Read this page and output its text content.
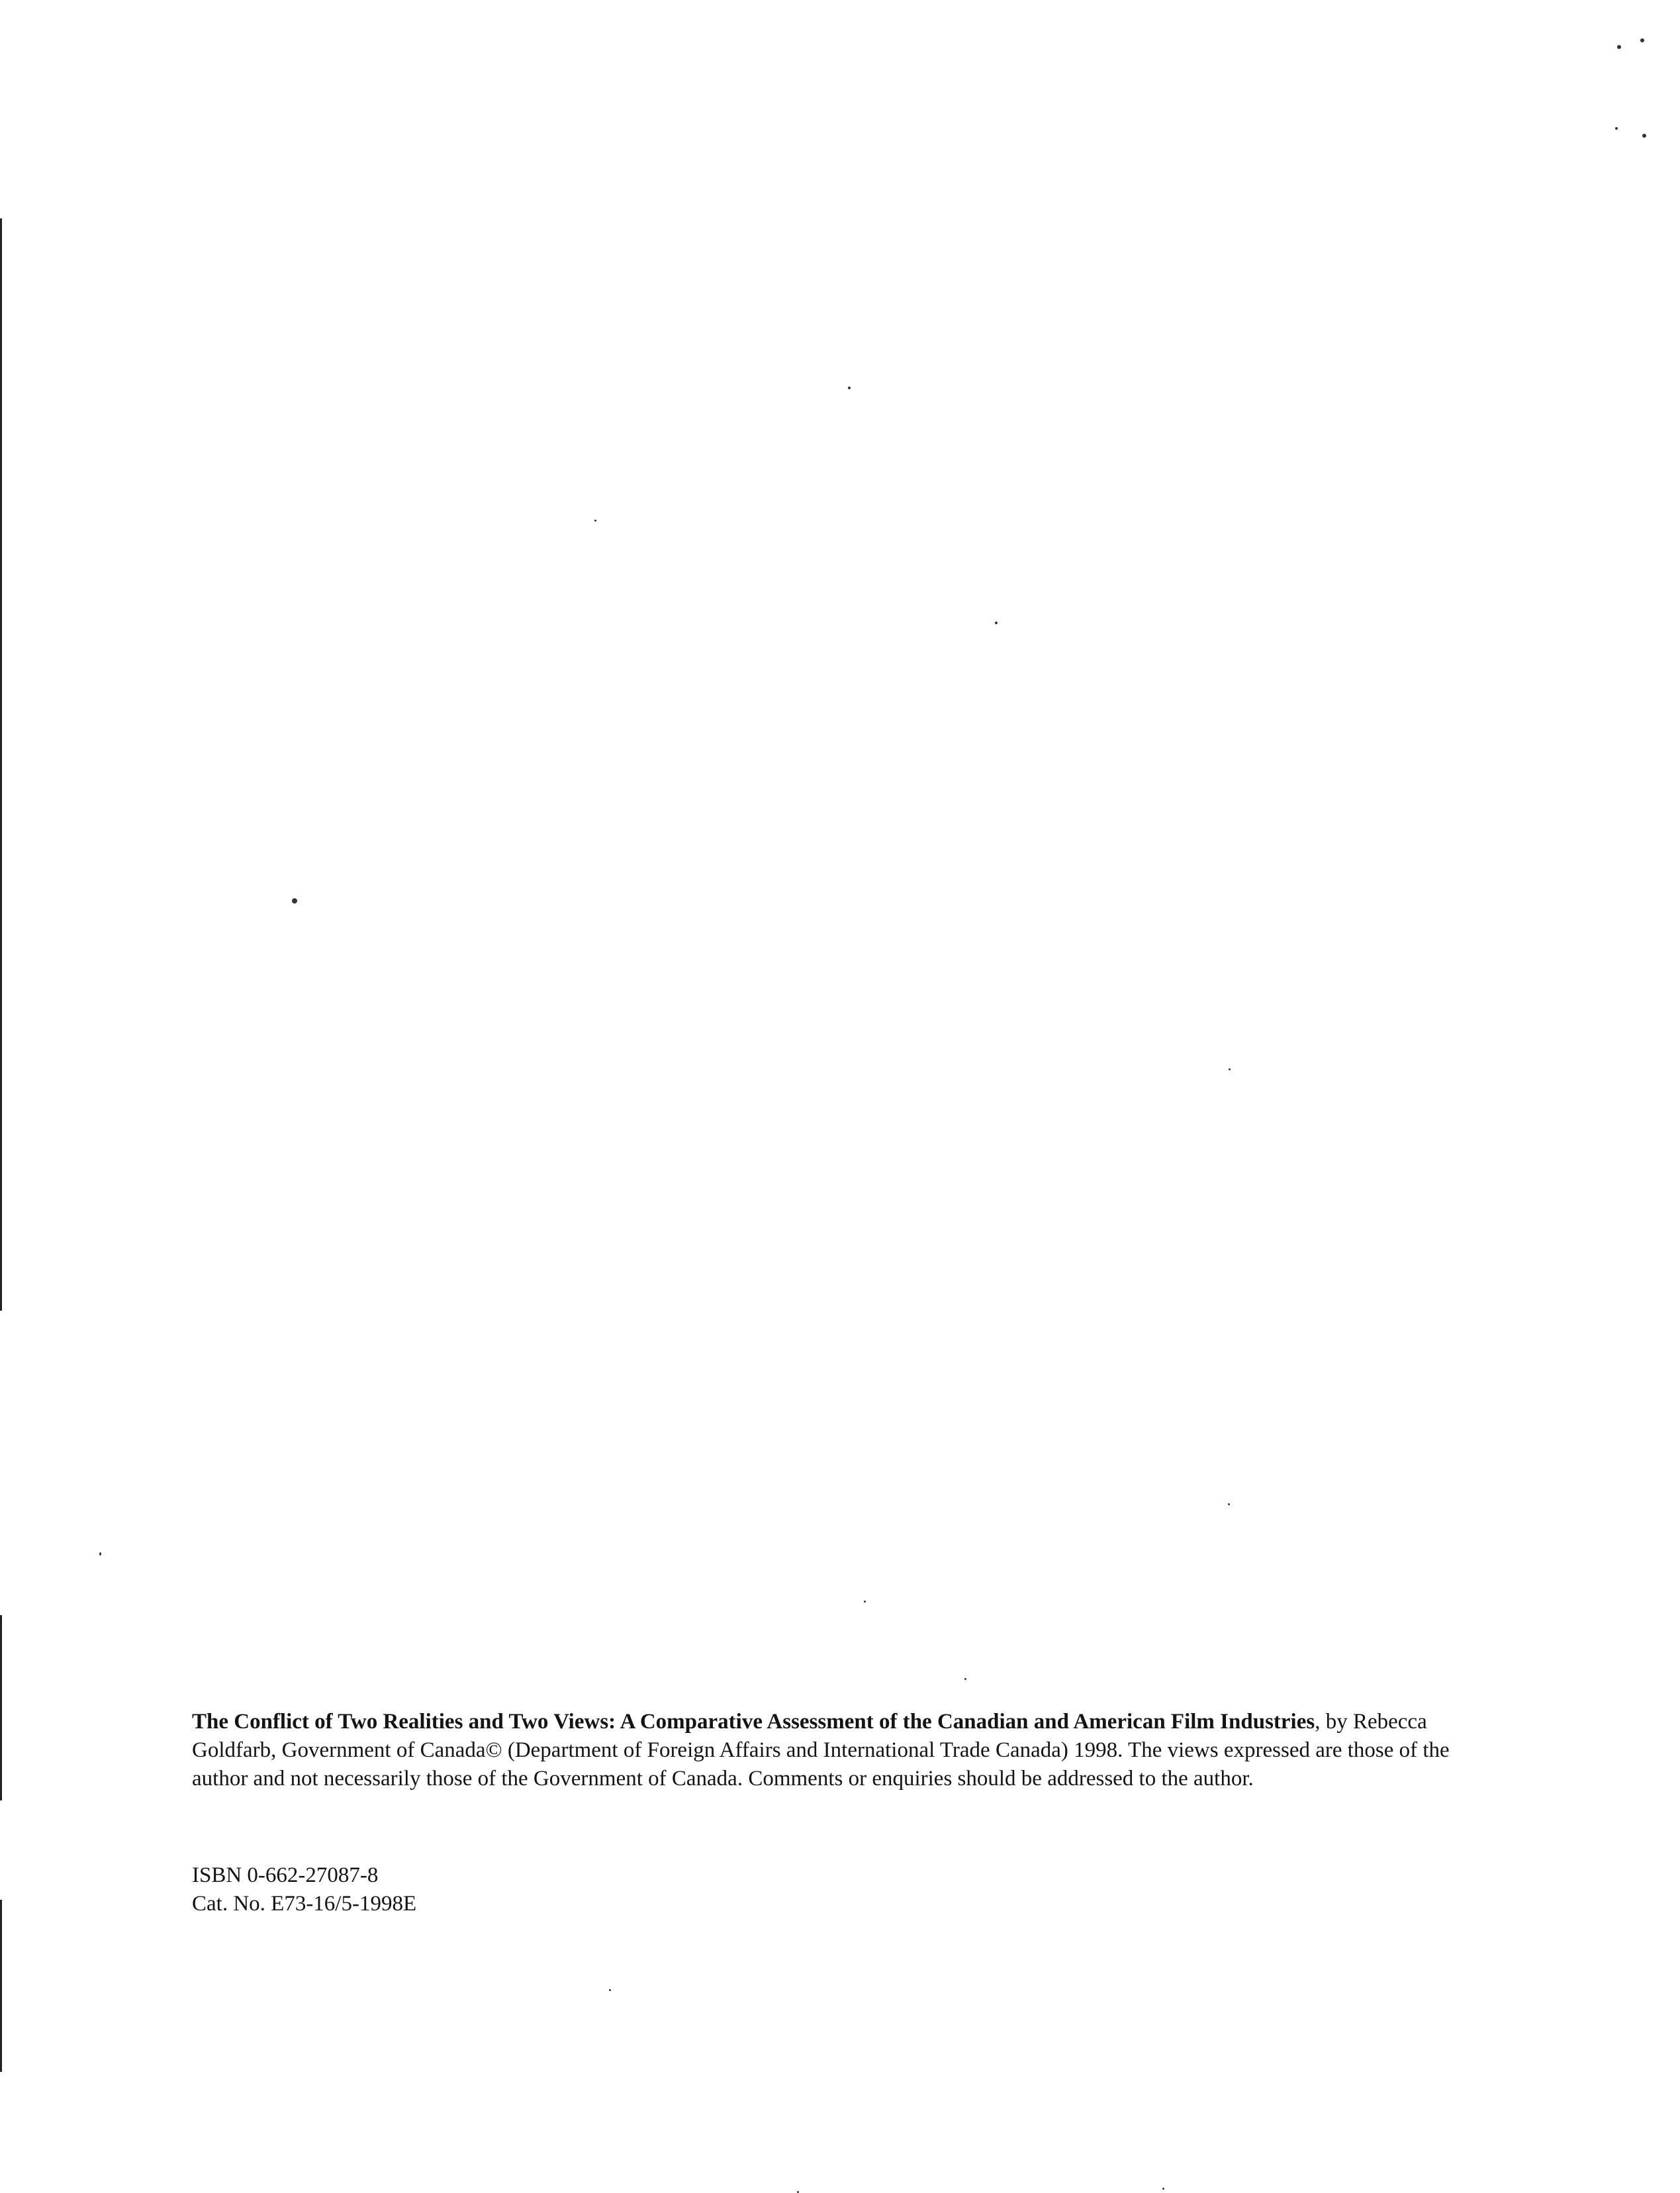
The Conflict of Two Realities and Two Views: A Comparative Assessment of the Canadian and American Film Industries, by Rebecca Goldfarb, Government of Canada© (Department of Foreign Affairs and International Trade Canada) 1998. The views expressed are those of the author and not necessarily those of the Government of Canada. Comments or enquiries should be addressed to the author.

ISBN 0-662-27087-8
Cat. No. E73-16/5-1998E
